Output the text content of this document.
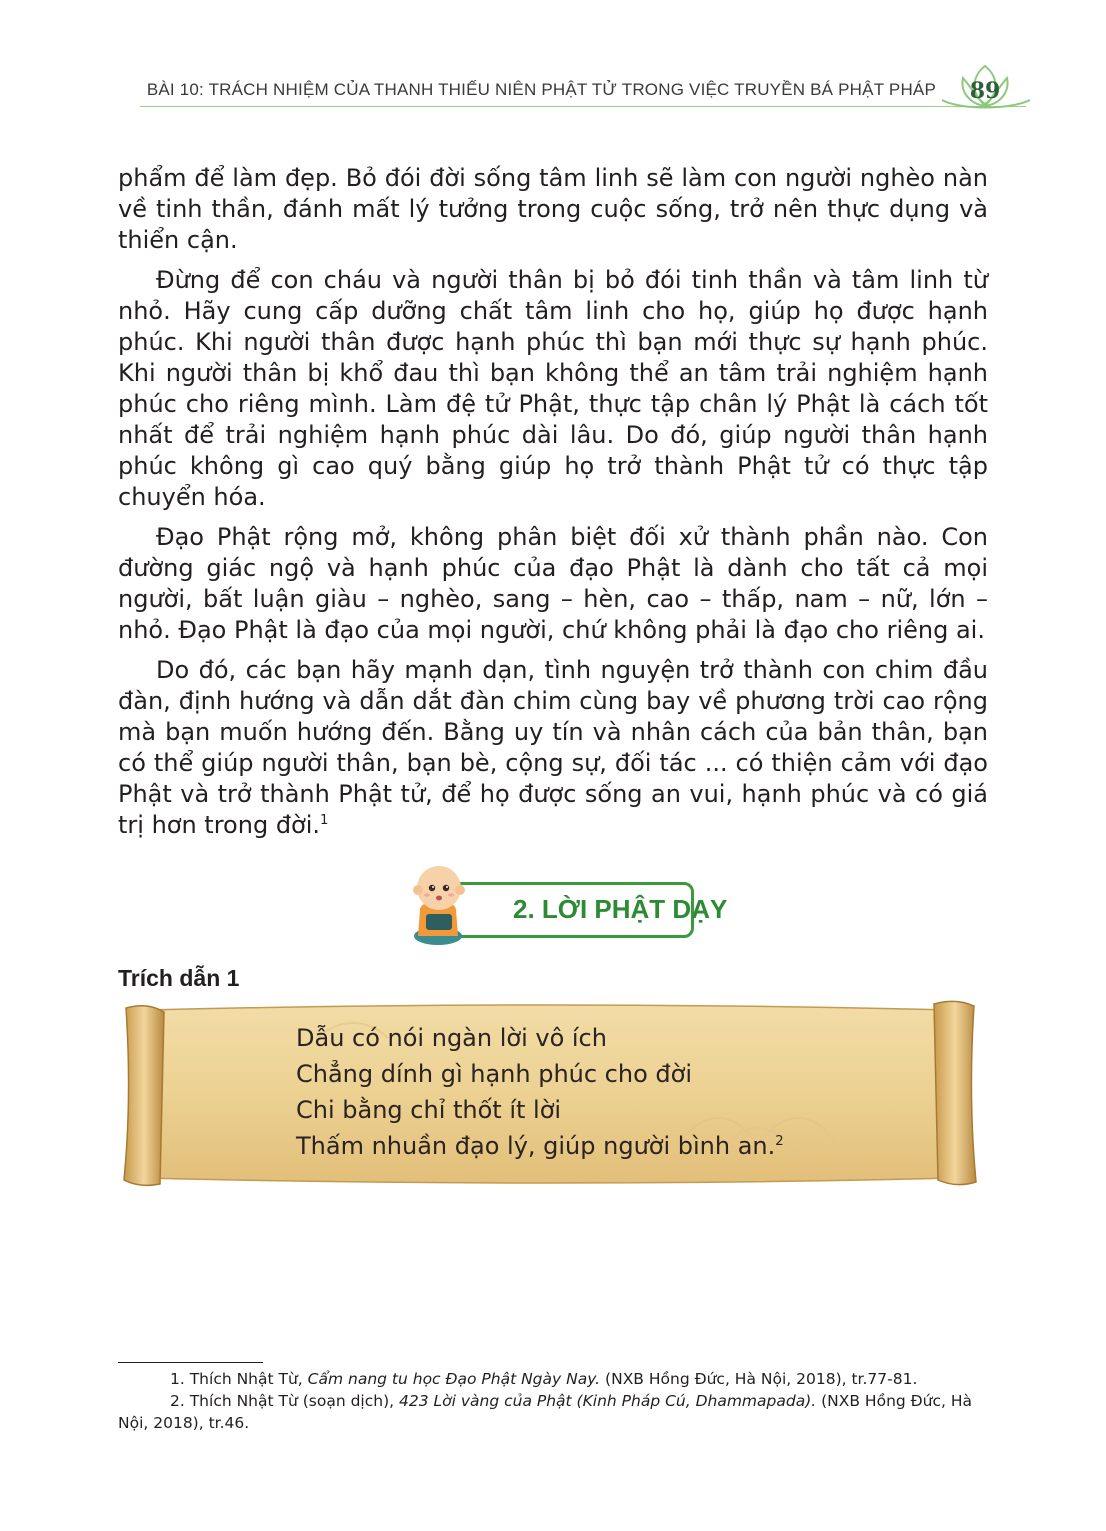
BÀI 10: TRÁCH NHIỆM CỦA THANH THIẾU NIÊN PHẬT TỬ TRONG VIỆC TRUYỀN BÁ PHẬT PHÁP	89

phẩm để làm đẹp. Bỏ đói đời sống tâm linh sẽ làm con người nghèo nàn về tinh thần, đánh mất lý tưởng trong cuộc sống, trở nên thực dụng và thiển cận.

Đừng để con cháu và người thân bị bỏ đói tinh thần và tâm linh từ nhỏ. Hãy cung cấp dưỡng chất tâm linh cho họ, giúp họ được hạnh phúc. Khi người thân được hạnh phúc thì bạn mới thực sự hạnh phúc. Khi người thân bị khổ đau thì bạn không thể an tâm trải nghiệm hạnh phúc cho riêng mình. Làm đệ tử Phật, thực tập chân lý Phật là cách tốt nhất để trải nghiệm hạnh phúc dài lâu. Do đó, giúp người thân hạnh phúc không gì cao quý bằng giúp họ trở thành Phật tử có thực tập chuyển hóa.

Đạo Phật rộng mở, không phân biệt đối xử thành phần nào. Con đường giác ngộ và hạnh phúc của đạo Phật là dành cho tất cả mọi người, bất luận giàu – nghèo, sang – hèn, cao – thấp, nam – nữ, lớn – nhỏ. Đạo Phật là đạo của mọi người, chứ không phải là đạo cho riêng ai.

Do đó, các bạn hãy mạnh dạn, tình nguyện trở thành con chim đầu đàn, định hướng và dẫn dắt đàn chim cùng bay về phương trời cao rộng mà bạn muốn hướng đến. Bằng uy tín và nhân cách của bản thân, bạn có thể giúp người thân, bạn bè, cộng sự, đối tác ... có thiện cảm với đạo Phật và trở thành Phật tử, để họ được sống an vui, hạnh phúc và có giá trị hơn trong đời.$^1$

2. LỜI PHẬT DẠY
Trích dẫn 1
Dẫu có nói ngàn lời vô ích
Chẳng dính gì hạnh phúc cho đời
Chi bằng chỉ thốt ít lời
Thấm nhuần đạo lý, giúp người bình an.$^2$

1. Thích Nhật Từ, Cẩm nang tu học Đạo Phật Ngày Nay. (NXB Hồng Đức, Hà Nội, 2018), tr.77-81.

2. Thích Nhật Từ (soạn dịch), 423 Lời vàng của Phật (Kinh Pháp Cú, Dhammapada). (NXB Hồng Đức, Hà Nội, 2018), tr.46.
